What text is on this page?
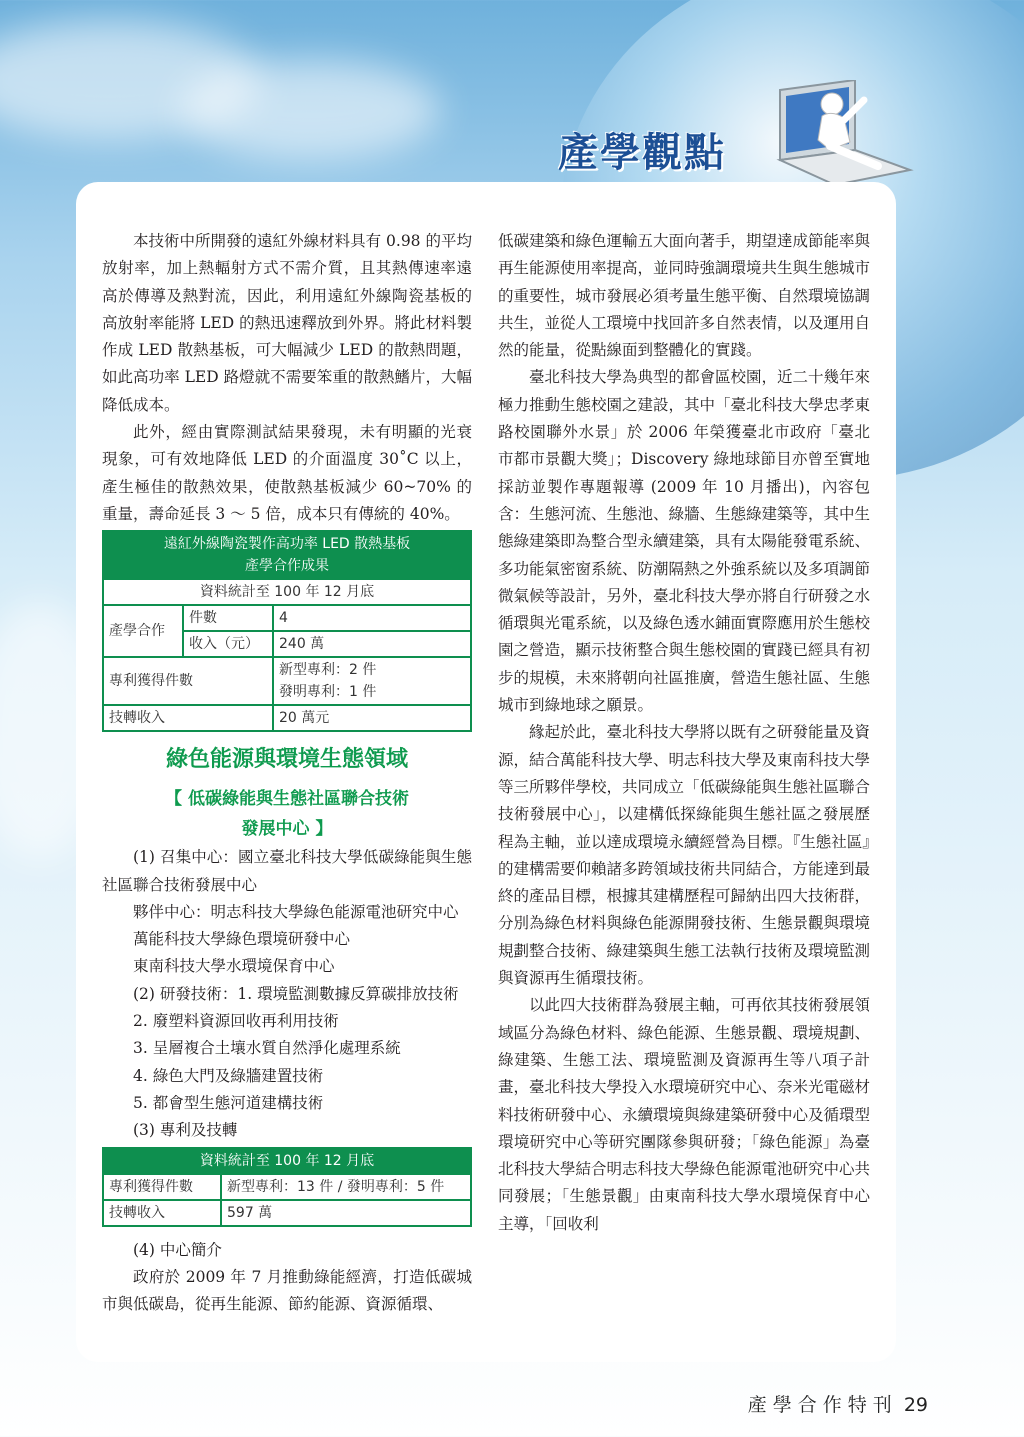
產學觀點

本技術中所開發的遠紅外線材料具有 0.98 的平均放射率，加上熱輻射方式不需介質，且其熱傳速率遠高於傳導及熱對流，因此，利用遠紅外線陶瓷基板的高放射率能將 LED 的熱迅速釋放到外界。將此材料製作成 LED 散熱基板，可大幅減少 LED 的散熱問題，如此高功率 LED 路燈就不需要笨重的散熱鰭片，大幅降低成本。

此外，經由實際測試結果發現，未有明顯的光衰現象，可有效地降低 LED 的介面溫度 30˚C 以上，產生極佳的散熱效果，使散熱基板減少 60~70% 的重量，壽命延長 3 ～ 5 倍，成本只有傳統的 40%。

遠紅外線陶瓷製作高功率 LED 散熱基板
產學合作成果		

資料統計至 100 年 12 月底		
產學合作	件數	4
	收入（元）	240 萬
專利獲得件數		新型專利：2 件
發明專利：1 件

技轉收入		20 萬元
綠色能源與環境生態領域
【 低碳綠能與生態社區聯合技術
發展中心 】

(1) 召集中心：國立臺北科技大學低碳綠能與生態社區聯合技術發展中心

夥伴中心：明志科技大學綠色能源電池研究中心

萬能科技大學綠色環境研發中心

東南科技大學水環境保育中心

(2) 研發技術：1. 環境監測數據反算碳排放技術

2. 廢塑料資源回收再利用技術

3. 呈層複合土壤水質自然淨化處理系統

4. 綠色大門及綠牆建置技術

5. 都會型生態河道建構技術

(3) 專利及技轉

資料統計至 100 年 12 月底	
專利獲得件數	新型專利：13 件 / 發明專利：5 件
技轉收入	597 萬

(4) 中心簡介

政府於 2009 年 7 月推動綠能經濟，打造低碳城市與低碳島，從再生能源、節約能源、資源循環、

低碳建築和綠色運輸五大面向著手，期望達成節能率與再生能源使用率提高，並同時強調環境共生與生態城市的重要性，城市發展必須考量生態平衡、自然環境協調共生，並從人工環境中找回許多自然表情，以及運用自然的能量，從點線面到整體化的實踐。

臺北科技大學為典型的都會區校園，近二十幾年來極力推動生態校園之建設，其中「臺北科技大學忠孝東路校園聯外水景」於 2006 年榮獲臺北市政府「臺北市都市景觀大獎」；Discovery 綠地球節目亦曾至實地採訪並製作專題報導 (2009 年 10 月播出)，內容包含：生態河流、生態池、綠牆、生態綠建築等，其中生態綠建築即為整合型永續建築，具有太陽能發電系統、多功能氣密窗系統、防潮隔熱之外強系統以及多項調節微氣候等設計，另外，臺北科技大學亦將自行研發之水循環與光電系統，以及綠色透水鋪面實際應用於生態校園之營造，顯示技術整合與生態校園的實踐已經具有初步的規模，未來將朝向社區推廣，營造生態社區、生態城市到綠地球之願景。

緣起於此，臺北科技大學將以既有之研發能量及資源，結合萬能科技大學、明志科技大學及東南科技大學等三所夥伴學校，共同成立「低碳綠能與生態社區聯合技術發展中心」，以建構低探綠能與生態社區之發展歷程為主軸，並以達成環境永續經營為目標。『生態社區』的建構需要仰賴諸多跨領域技術共同結合，方能達到最終的產品目標，根據其建構歷程可歸納出四大技術群，分別為綠色材料與綠色能源開發技術、生態景觀與環境規劃整合技術、綠建築與生態工法執行技術及環境監測與資源再生循環技術。

以此四大技術群為發展主軸，可再依其技術發展領域區分為綠色材料、綠色能源、生態景觀、環境規劃、綠建築、生態工法、環境監測及資源再生等八項子計畫，臺北科技大學投入水環境研究中心、奈米光電磁材料技術研發中心、永續環境與綠建築研發中心及循環型環境研究中心等研究團隊參與研發；「綠色能源」為臺北科技大學結合明志科技大學綠色能源電池研究中心共同發展；「生態景觀」由東南科技大學水環境保育中心主導，「回收利

產學合作特刊 29
